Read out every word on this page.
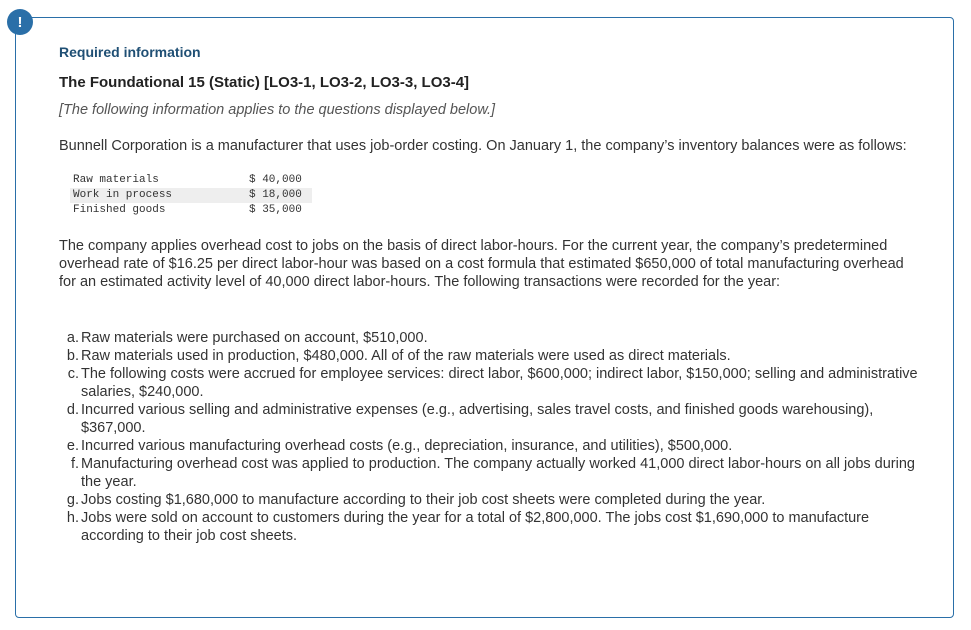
!
Required information
The Foundational 15 (Static) [LO3-1, LO3-2, LO3-3, LO3-4]
[The following information applies to the questions displayed below.]
Bunnell Corporation is a manufacturer that uses job-order costing. On January 1, the company’s inventory balances were as follows:
Raw materials	$ 40,000
Work in process	$ 18,000
Finished goods	$ 35,000
The company applies overhead cost to jobs on the basis of direct labor-hours. For the current year, the company’s predetermined overhead rate of $16.25 per direct labor-hour was based on a cost formula that estimated $650,000 of total manufacturing overhead for an estimated activity level of 40,000 direct labor-hours. The following transactions were recorded for the year:
a. Raw materials were purchased on account, $510,000.
b. Raw materials used in production, $480,000. All of of the raw materials were used as direct materials.
c. The following costs were accrued for employee services: direct labor, $600,000; indirect labor, $150,000; selling and administrative salaries, $240,000.
d. Incurred various selling and administrative expenses (e.g., advertising, sales travel costs, and finished goods warehousing), $367,000.
e. Incurred various manufacturing overhead costs (e.g., depreciation, insurance, and utilities), $500,000.
f. Manufacturing overhead cost was applied to production. The company actually worked 41,000 direct labor-hours on all jobs during the year.
g. Jobs costing $1,680,000 to manufacture according to their job cost sheets were completed during the year.
h. Jobs were sold on account to customers during the year for a total of $2,800,000. The jobs cost $1,690,000 to manufacture according to their job cost sheets.
